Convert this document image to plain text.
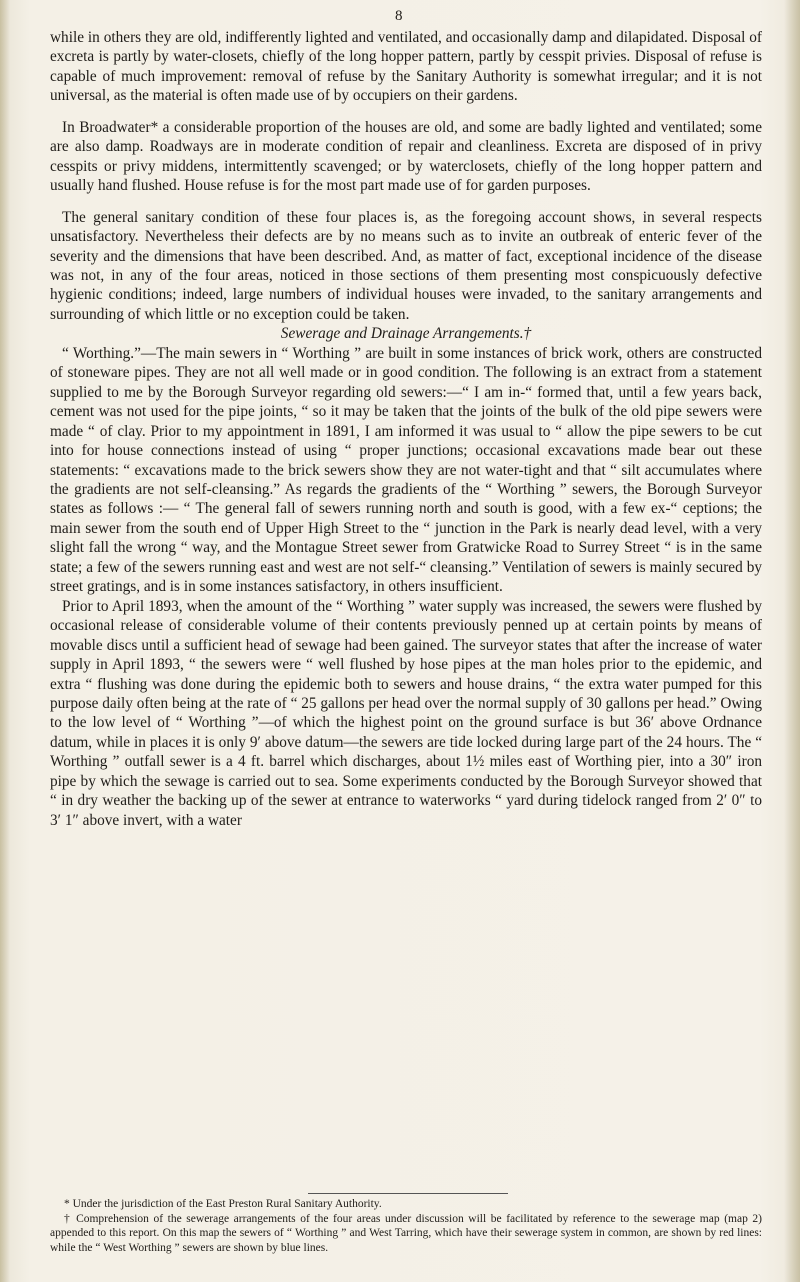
8

while in others they are old, indifferently lighted and ventilated, and occasionally damp and dilapidated. Disposal of excreta is partly by water-closets, chiefly of the long hopper pattern, partly by cesspit privies. Disposal of refuse is capable of much improvement: removal of refuse by the Sanitary Authority is somewhat irregular; and it is not universal, as the material is often made use of by occupiers on their gardens.

In Broadwater* a considerable proportion of the houses are old, and some are badly lighted and ventilated; some are also damp. Roadways are in moderate condition of repair and cleanliness. Excreta are disposed of in privy cesspits or privy middens, intermittently scavenged; or by waterclosets, chiefly of the long hopper pattern and usually hand flushed. House refuse is for the most part made use of for garden purposes.

The general sanitary condition of these four places is, as the foregoing account shows, in several respects unsatisfactory. Nevertheless their defects are by no means such as to invite an outbreak of enteric fever of the severity and the dimensions that have been described. And, as matter of fact, exceptional incidence of the disease was not, in any of the four areas, noticed in those sections of them presenting most conspicuously defective hygienic conditions; indeed, large numbers of individual houses were invaded, to the sanitary arrangements and surrounding of which little or no exception could be taken.

Sewerage and Drainage Arrangements.†

“ Worthing.”—The main sewers in “ Worthing ” are built in some instances of brick work, others are constructed of stoneware pipes. They are not all well made or in good condition. The following is an extract from a statement supplied to me by the Borough Surveyor regarding old sewers:—“ I am in-“ formed that, until a few years back, cement was not used for the pipe joints, “ so it may be taken that the joints of the bulk of the old pipe sewers were made “ of clay. Prior to my appointment in 1891, I am informed it was usual to “ allow the pipe sewers to be cut into for house connections instead of using “ proper junctions; occasional excavations made bear out these statements: “ excavations made to the brick sewers show they are not water-tight and that “ silt accumulates where the gradients are not self-cleansing.” As regards the gradients of the “ Worthing ” sewers, the Borough Surveyor states as follows :— “ The general fall of sewers running north and south is good, with a few ex-“ ceptions; the main sewer from the south end of Upper High Street to the “ junction in the Park is nearly dead level, with a very slight fall the wrong “ way, and the Montague Street sewer from Gratwicke Road to Surrey Street “ is in the same state; a few of the sewers running east and west are not self-“ cleansing.” Ventilation of sewers is mainly secured by street gratings, and is in some instances satisfactory, in others insufficient.

Prior to April 1893, when the amount of the “ Worthing ” water supply was increased, the sewers were flushed by occasional release of considerable volume of their contents previously penned up at certain points by means of movable discs until a sufficient head of sewage had been gained. The surveyor states that after the increase of water supply in April 1893, “ the sewers were “ well flushed by hose pipes at the man holes prior to the epidemic, and extra “ flushing was done during the epidemic both to sewers and house drains, “ the extra water pumped for this purpose daily often being at the rate of “ 25 gallons per head over the normal supply of 30 gallons per head.” Owing to the low level of “ Worthing ”—of which the highest point on the ground surface is but 36′ above Ordnance datum, while in places it is only 9′ above datum—the sewers are tide locked during large part of the 24 hours. The “ Worthing ” outfall sewer is a 4 ft. barrel which discharges, about 1½ miles east of Worthing pier, into a 30″ iron pipe by which the sewage is carried out to sea. Some experiments conducted by the Borough Surveyor showed that “ in dry weather the backing up of the sewer at entrance to waterworks “ yard during tidelock ranged from 2′ 0″ to 3′ 1″ above invert, with a water

* Under the jurisdiction of the East Preston Rural Sanitary Authority.

† Comprehension of the sewerage arrangements of the four areas under discussion will be facilitated by reference to the sewerage map (map 2) appended to this report. On this map the sewers of “ Worthing ” and West Tarring, which have their sewerage system in common, are shown by red lines: while the “ West Worthing ” sewers are shown by blue lines.
